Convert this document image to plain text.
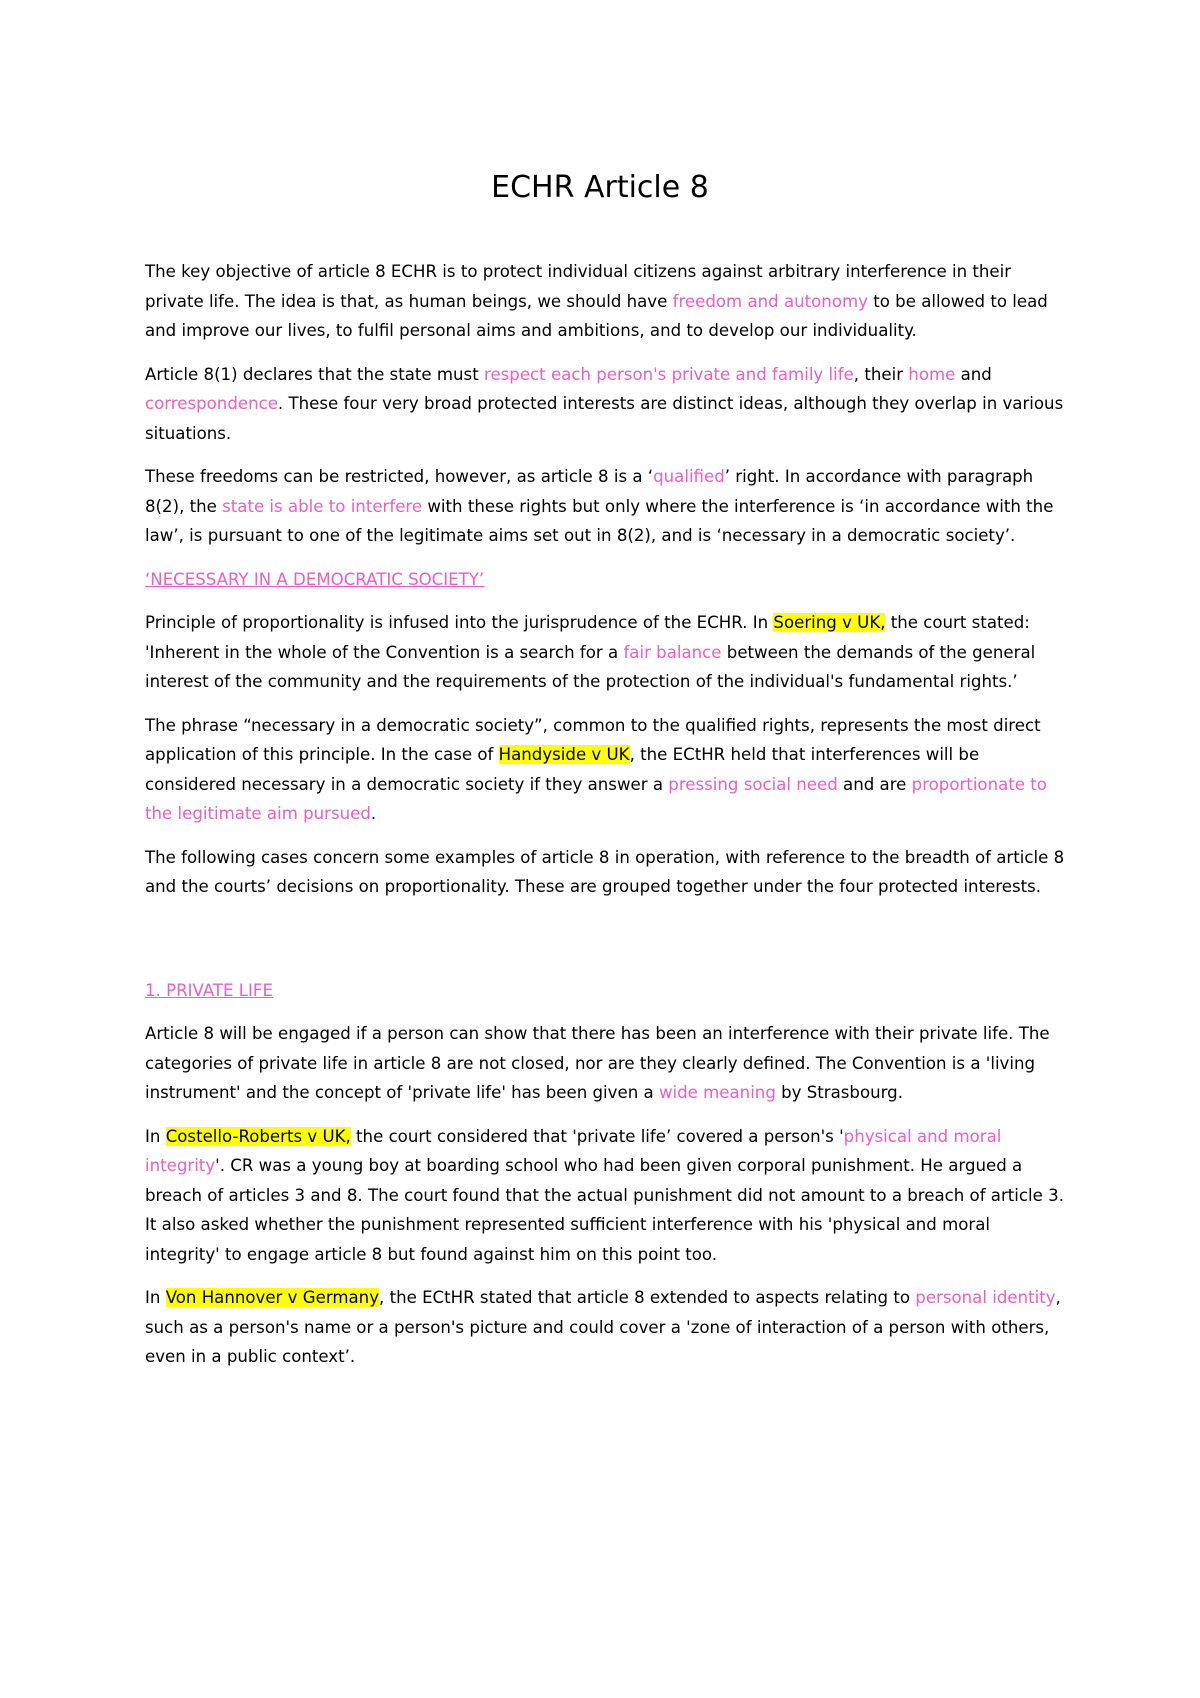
ECHR Article 8

The key objective of article 8 ECHR is to protect individual citizens against arbitrary interference in their private life. The idea is that, as human beings, we should have freedom and autonomy to be allowed to lead and improve our lives, to fulfil personal aims and ambitions, and to develop our individuality.

Article 8(1) declares that the state must respect each person's private and family life, their home and correspondence. These four very broad protected interests are distinct ideas, although they overlap in various situations.

These freedoms can be restricted, however, as article 8 is a ‘qualified’ right. In accordance with paragraph 8(2), the state is able to interfere with these rights but only where the interference is ‘in accordance with the law’, is pursuant to one of the legitimate aims set out in 8(2), and is ‘necessary in a democratic society’.

‘NECESSARY IN A DEMOCRATIC SOCIETY’

Principle of proportionality is infused into the jurisprudence of the ECHR. In Soering v UK, the court stated: 'Inherent in the whole of the Convention is a search for a fair balance between the demands of the general interest of the community and the requirements of the protection of the individual's fundamental rights.’

The phrase “necessary in a democratic society”, common to the qualified rights, represents the most direct application of this principle. In the case of Handyside v UK, the ECtHR held that interferences will be considered necessary in a democratic society if they answer a pressing social need and are proportionate to the legitimate aim pursued.

The following cases concern some examples of article 8 in operation, with reference to the breadth of article 8 and the courts’ decisions on proportionality. These are grouped together under the four protected interests.

1. PRIVATE LIFE

Article 8 will be engaged if a person can show that there has been an interference with their private life. The categories of private life in article 8 are not closed, nor are they clearly defined. The Convention is a 'living instrument' and the concept of 'private life' has been given a wide meaning by Strasbourg.

In Costello-Roberts v UK, the court considered that 'private life’ covered a person's 'physical and moral integrity'. CR was a young boy at boarding school who had been given corporal punishment. He argued a breach of articles 3 and 8. The court found that the actual punishment did not amount to a breach of article 3. It also asked whether the punishment represented sufficient interference with his 'physical and moral integrity' to engage article 8 but found against him on this point too.

In Von Hannover v Germany, the ECtHR stated that article 8 extended to aspects relating to personal identity, such as a person's name or a person's picture and could cover a 'zone of interaction of a person with others, even in a public context’.
